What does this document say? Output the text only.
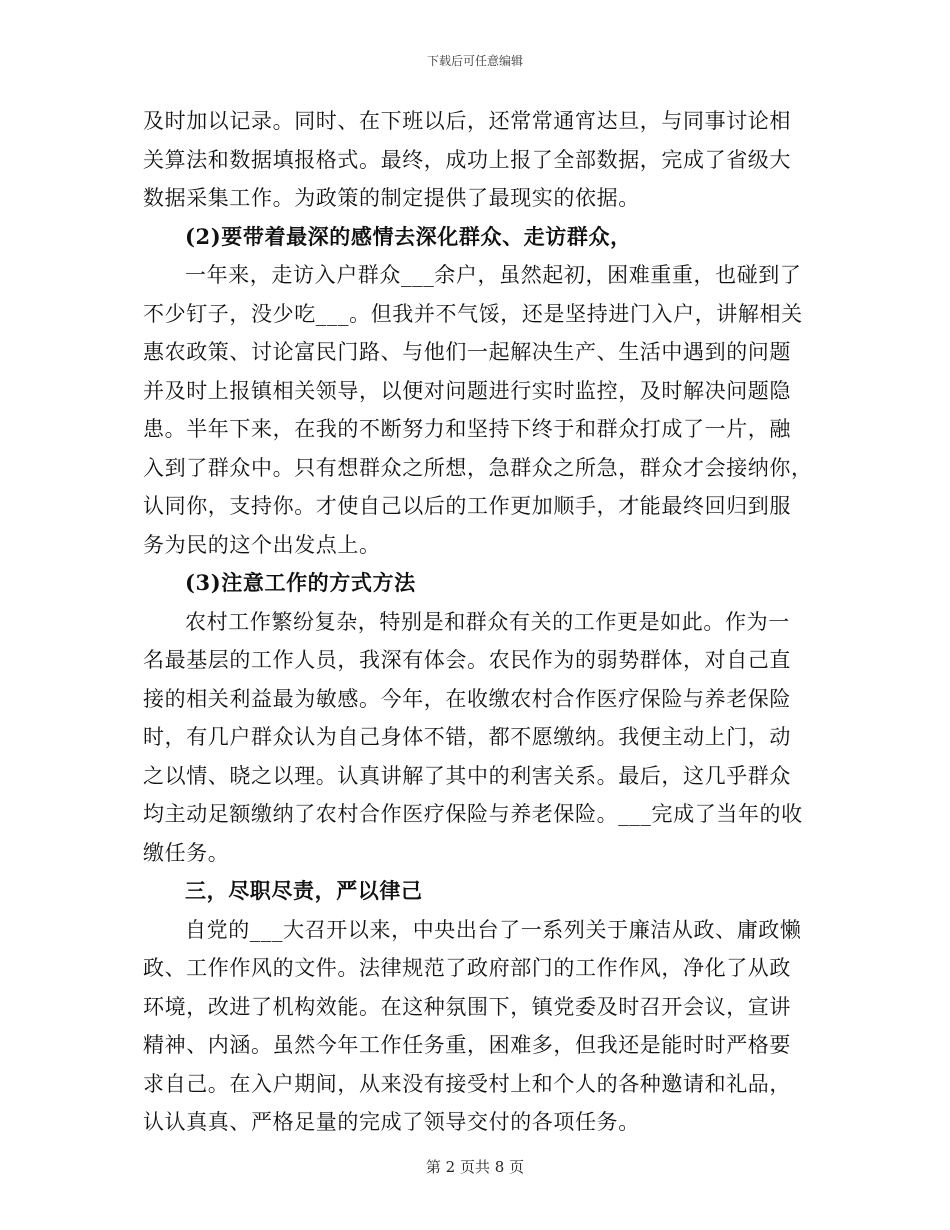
下载后可任意编辑
及时加以记录。同时、在下班以后，还常常通宵达旦，与同事讨论相
关算法和数据填报格式。最终，成功上报了全部数据，完成了省级大
数据采集工作。为政策的制定提供了最现实的依据。
(2)要带着最深的感情去深化群众、走访群众，
一年来，走访入户群众___余户，虽然起初，困难重重，也碰到了
不少钉子，没少吃___。但我并不气馁，还是坚持进门入户，讲解相关
惠农政策、讨论富民门路、与他们一起解决生产、生活中遇到的问题
并及时上报镇相关领导，以便对问题进行实时监控，及时解决问题隐
患。半年下来，在我的不断努力和坚持下终于和群众打成了一片，融
入到了群众中。只有想群众之所想，急群众之所急，群众才会接纳你，
认同你，支持你。才使自己以后的工作更加顺手，才能最终回归到服
务为民的这个出发点上。
(3)注意工作的方式方法
农村工作繁纷复杂，特别是和群众有关的工作更是如此。作为一
名最基层的工作人员，我深有体会。农民作为的弱势群体，对自己直
接的相关利益最为敏感。今年，在收缴农村合作医疗保险与养老保险
时，有几户群众认为自己身体不错，都不愿缴纳。我便主动上门，动
之以情、晓之以理。认真讲解了其中的利害关系。最后，这几乎群众
均主动足额缴纳了农村合作医疗保险与养老保险。___完成了当年的收
缴任务。
三，尽职尽责，严以律己
自党的___大召开以来，中央出台了一系列关于廉洁从政、庸政懒
政、工作作风的文件。法律规范了政府部门的工作作风，净化了从政
环境，改进了机构效能。在这种氛围下，镇党委及时召开会议，宣讲
精神、内涵。虽然今年工作任务重，困难多，但我还是能时时严格要
求自己。在入户期间，从来没有接受村上和个人的各种邀请和礼品，
认认真真、严格足量的完成了领导交付的各项任务。
第 2 页共 8 页
